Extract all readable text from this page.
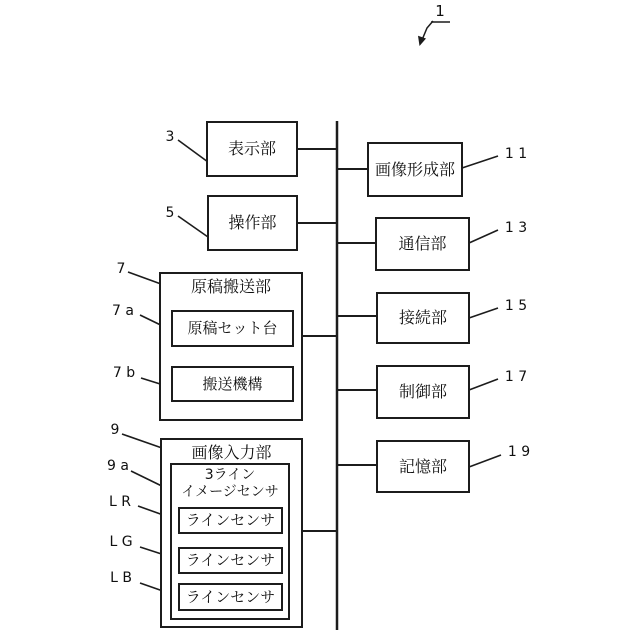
1
表示部
操作部
原稿搬送部
原稿セット台
搬送機構
画像入力部
3ライン
イメージセンサ
ラインセンサ
ラインセンサ
ラインセンサ
画像形成部
通信部
接続部
制御部
記憶部
3
5
7
7 a
7 b
9
9 a
L R
L G
L B
1 1
1 3
1 5
1 7
1 9
